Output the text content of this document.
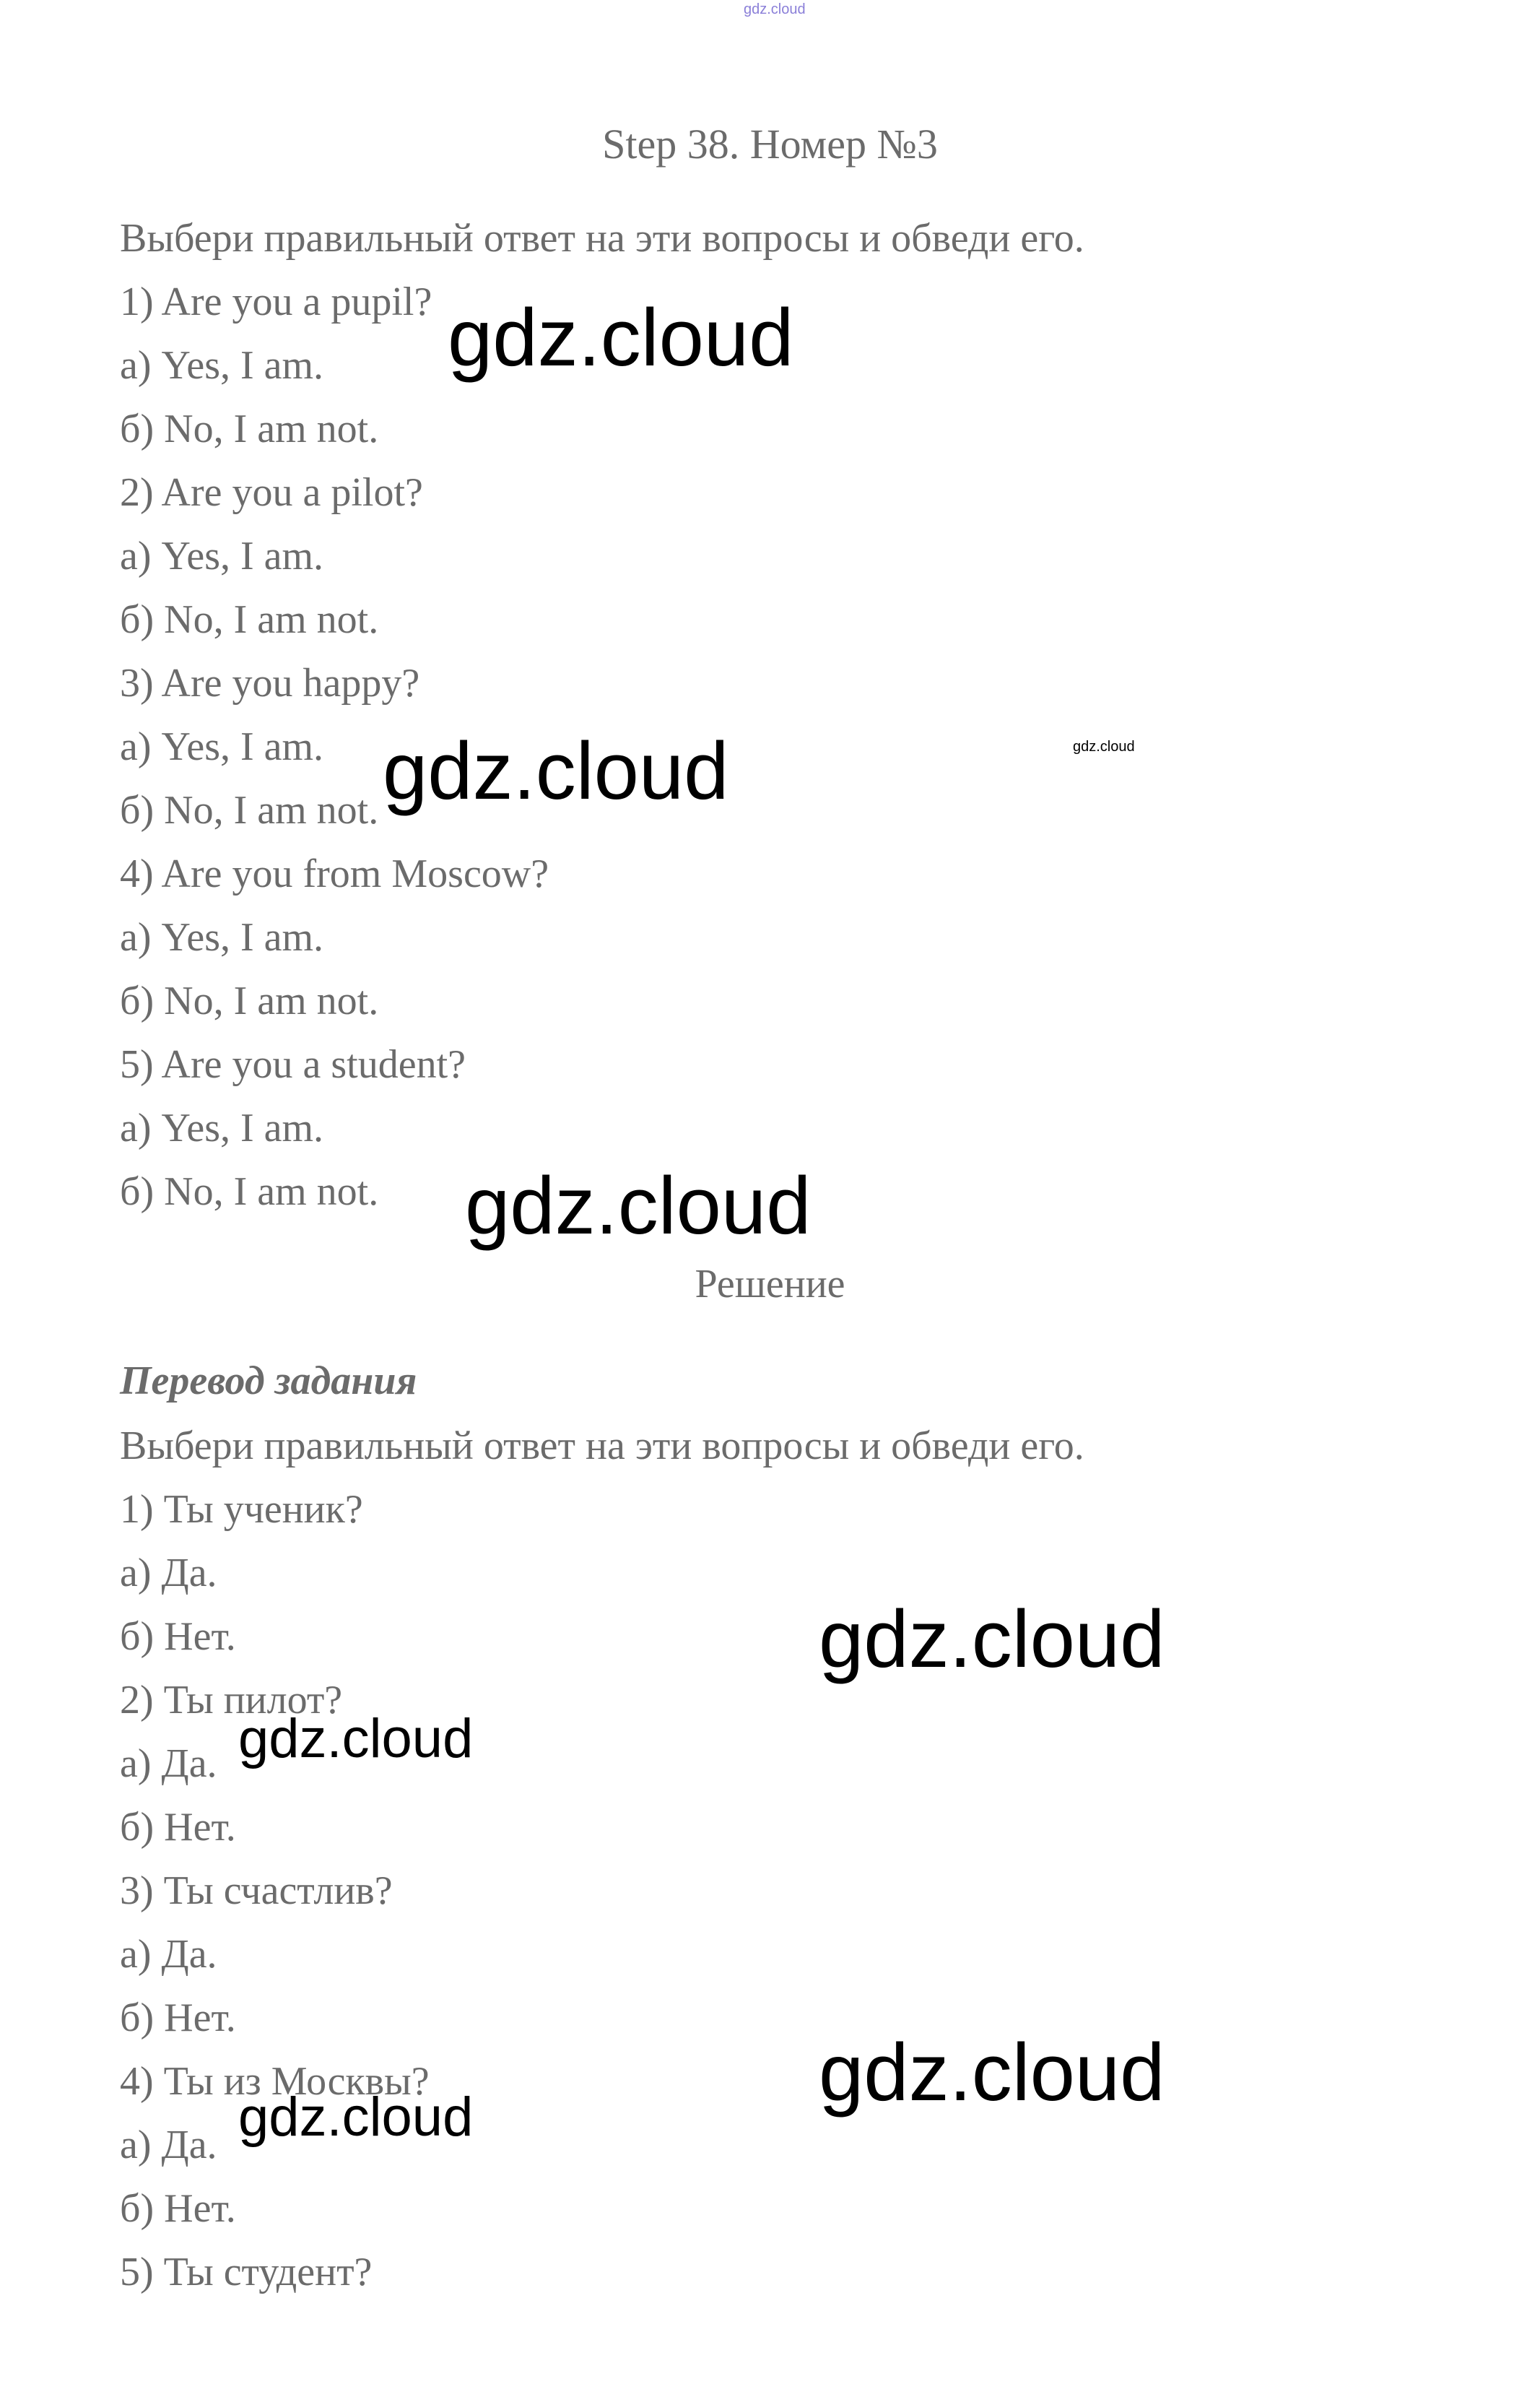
gdz.cloud
Step 38. Номер №3
Выбери правильный ответ на эти вопросы и обведи его.
1) Are you a pupil?
а) Yes, I am.
б) No, I am not.
2) Are you a pilot?
а) Yes, I am.
б) No, I am not.
3) Are you happy?
а) Yes, I am.
б) No, I am not.
4) Are you from Moscow?
а) Yes, I am.
б) No, I am not.
5) Are you a student?
а) Yes, I am.
б) No, I am not.
Решение
Перевод задания
Выбери правильный ответ на эти вопросы и обведи его.
1) Ты ученик?
а) Да.
б) Нет.
2) Ты пилот?
а) Да.
б) Нет.
3) Ты счастлив?
а) Да.
б) Нет.
4) Ты из Москвы?
а) Да.
б) Нет.
5) Ты студент?
gdz.cloud
gdz.cloud	gdz.cloud
gdz.cloud
gdz.cloud
gdz.cloud
gdz.cloud
gdz.cloud
